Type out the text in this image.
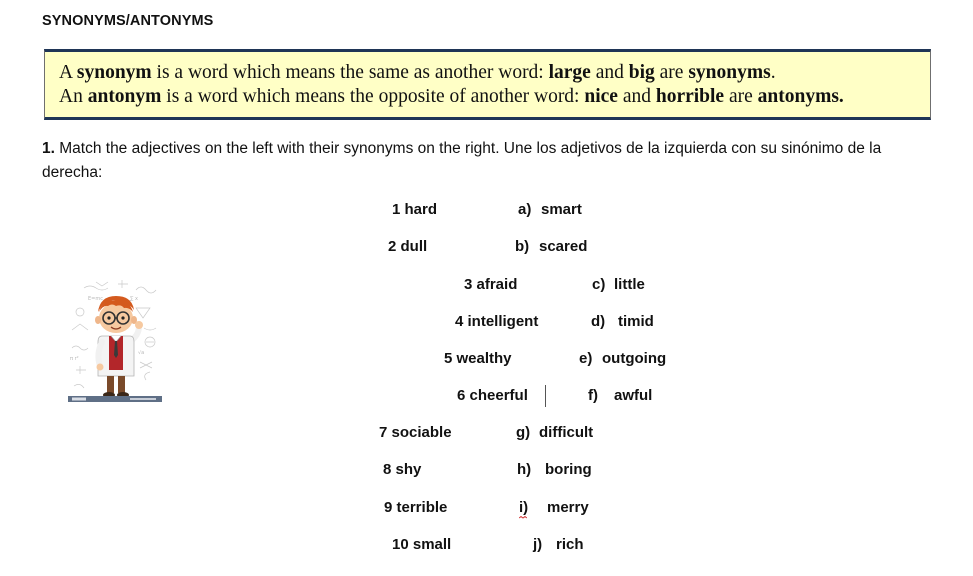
SYNONYMS/ANTONYMS
A synonym is a word which means the same as another word: large and big are synonyms.
An antonym is a word which means the opposite of another word: nice and horrible are antonyms.
1. Match the adjectives on the left with their synonyms on the right. Une los adjetivos de la izquierda con su sinónimo de la derecha:
1 hard	a) smart
2 dull	b) scared
3 afraid	c) little
4 intelligent	d) timid
5 wealthy	e) outgoing
6 cheerful	f) awful
7 sociable	g) difficult
8 shy	h) boring
9 terrible	i) merry
10 small	j) rich
E=mc	∑ x
π r²
√a
